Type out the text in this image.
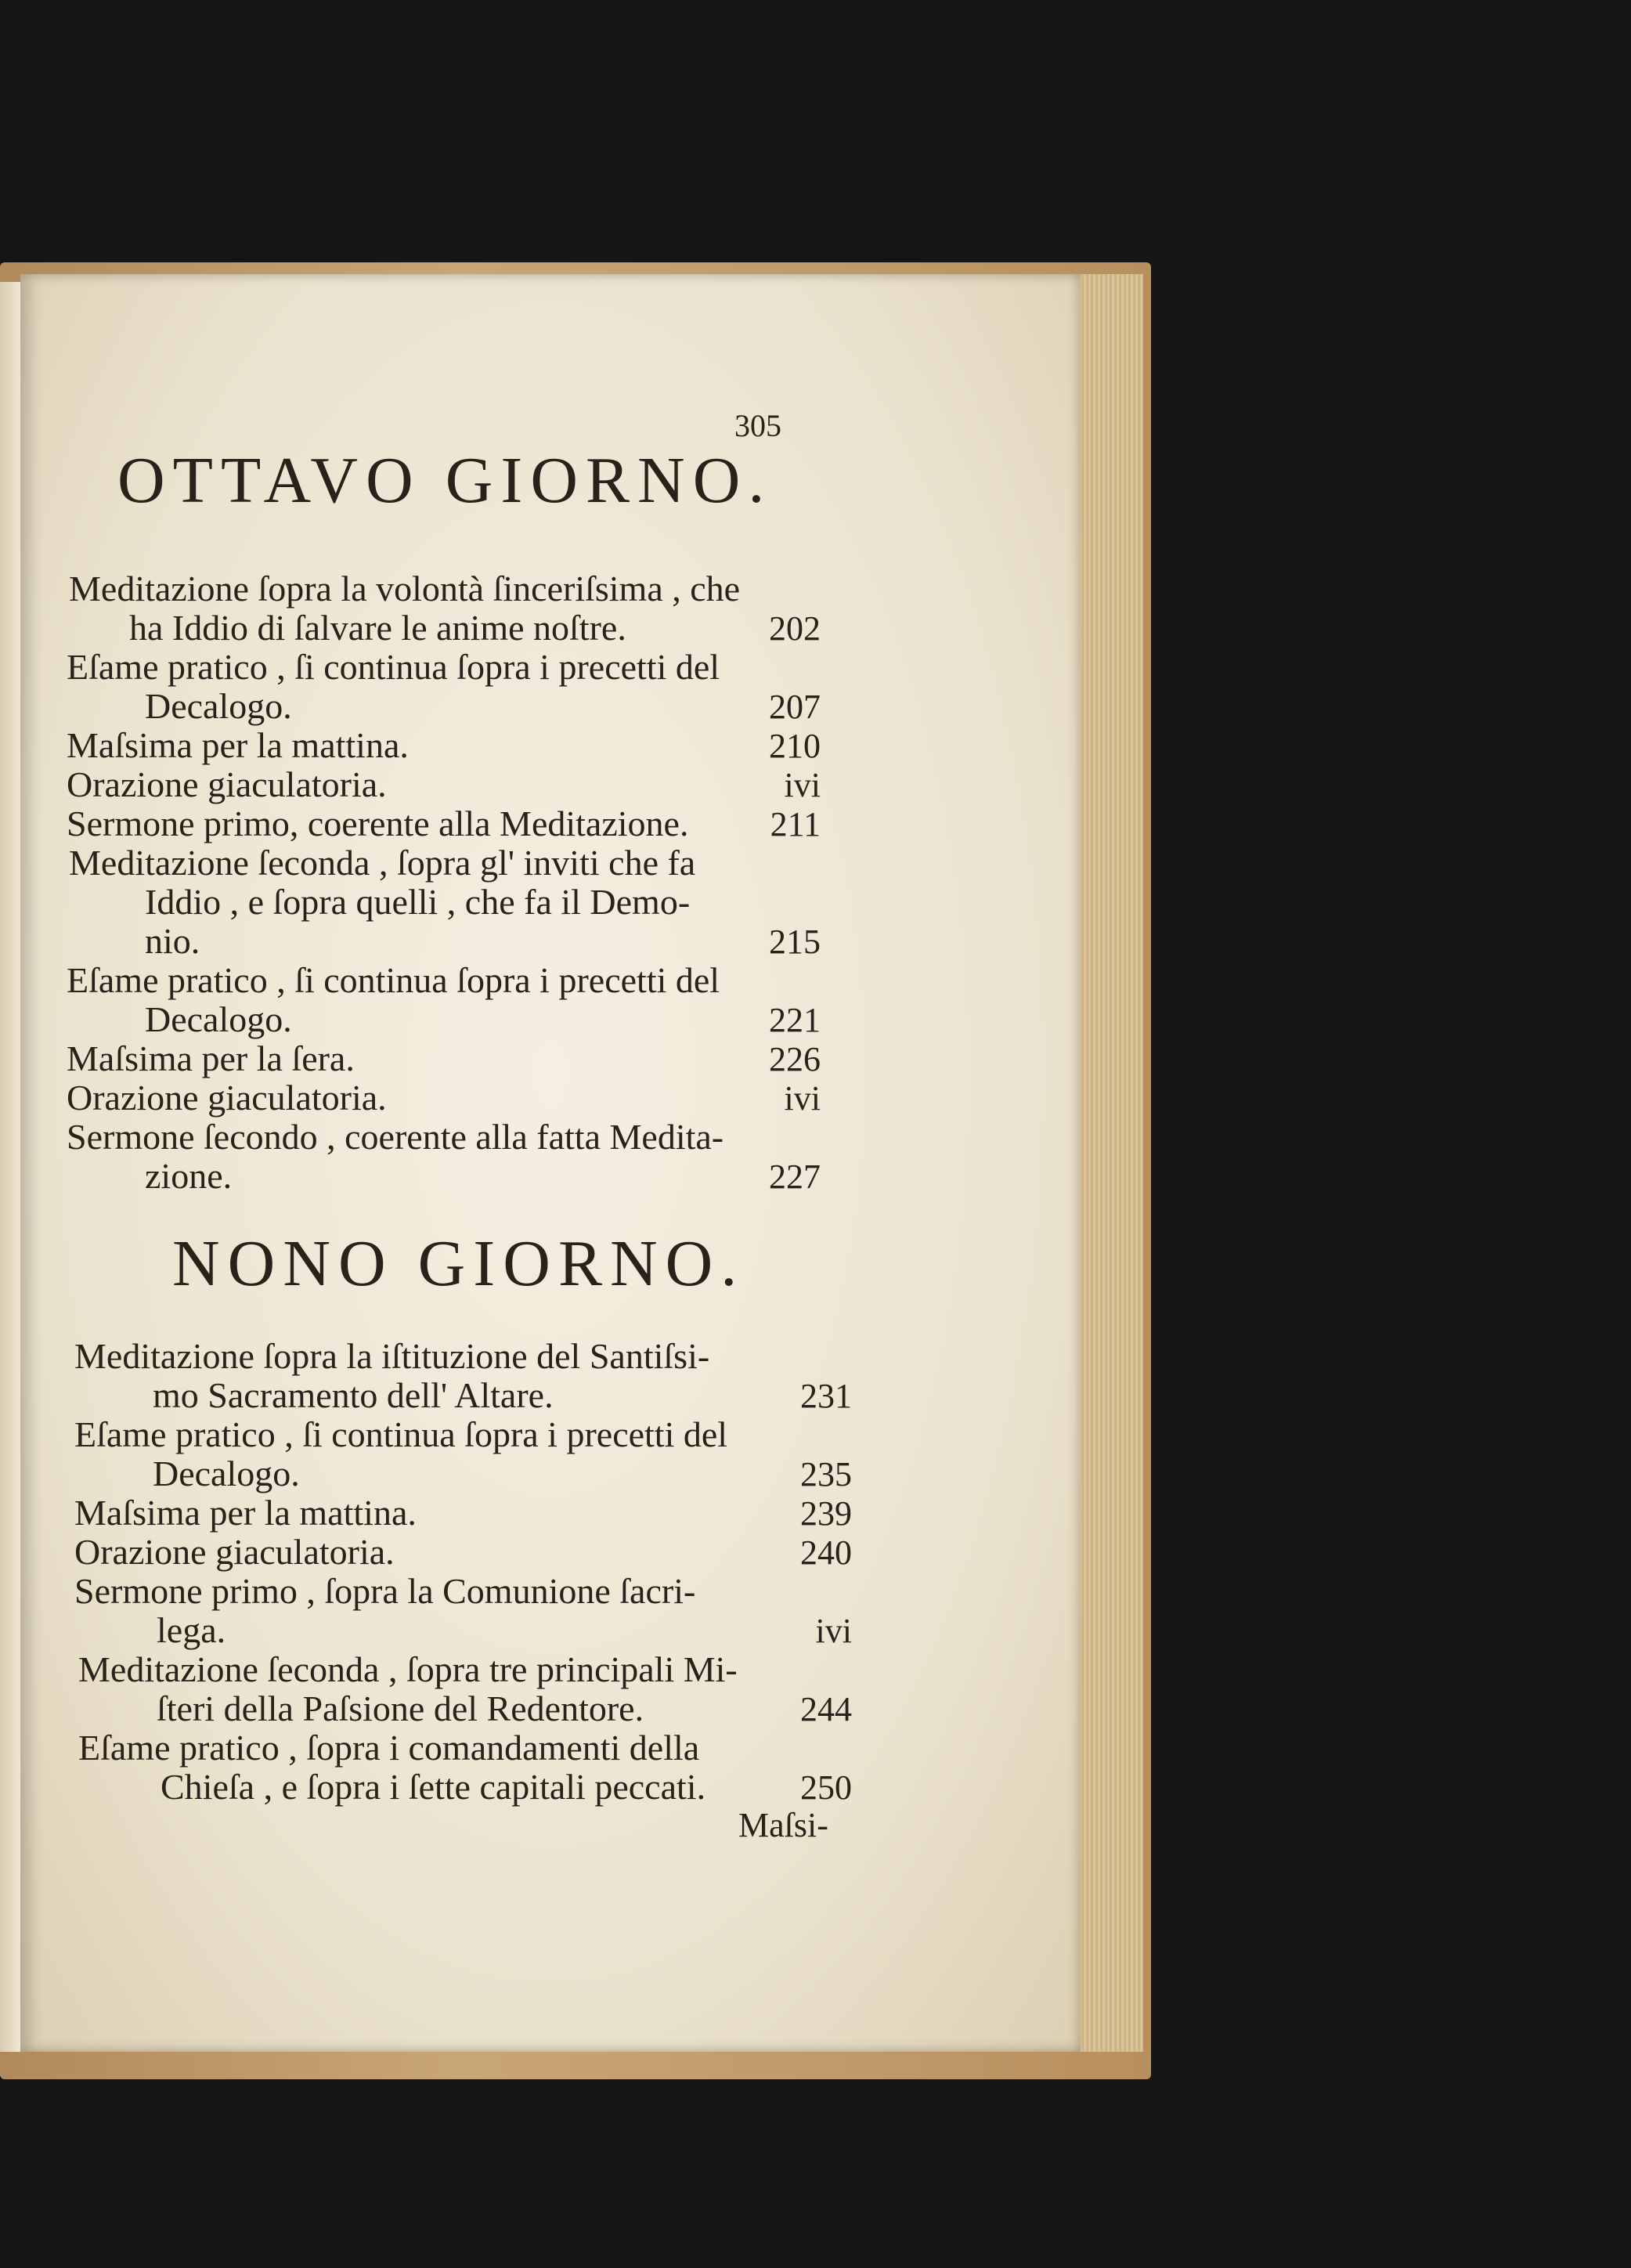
305
OTTAVO GIORNO.
Meditazione ſopra la volontà ſinceriſsima , che
ha Iddio di ſalvare le anime noſtre.	202
Eſame pratico , ſi continua ſopra i precetti del
Decalogo.	207
Maſsima per la mattina.	210
Orazione giaculatoria.	ivi
Sermone primo, coerente alla Meditazione.	211
Meditazione ſeconda , ſopra gl' inviti che fa
Iddio , e ſopra quelli , che fa il Demo-
nio.	215
Eſame pratico , ſi continua ſopra i precetti del
Decalogo.	221
Maſsima per la ſera.	226
Orazione giaculatoria.	ivi
Sermone ſecondo , coerente alla fatta Medita-
zione.	227
NONO GIORNO.
Meditazione ſopra la iſtituzione del Santiſsi-
mo Sacramento dell' Altare.	231
Eſame pratico , ſi continua ſopra i precetti del
Decalogo.	235
Maſsima per la mattina.	239
Orazione giaculatoria.	240
Sermone primo , ſopra la Comunione ſacri-
lega.	ivi
Meditazione ſeconda , ſopra tre principali Mi-
ſteri della Paſsione del Redentore.	244
Eſame pratico , ſopra i comandamenti della
Chieſa , e ſopra i ſette capitali peccati.	250
Maſsi-
